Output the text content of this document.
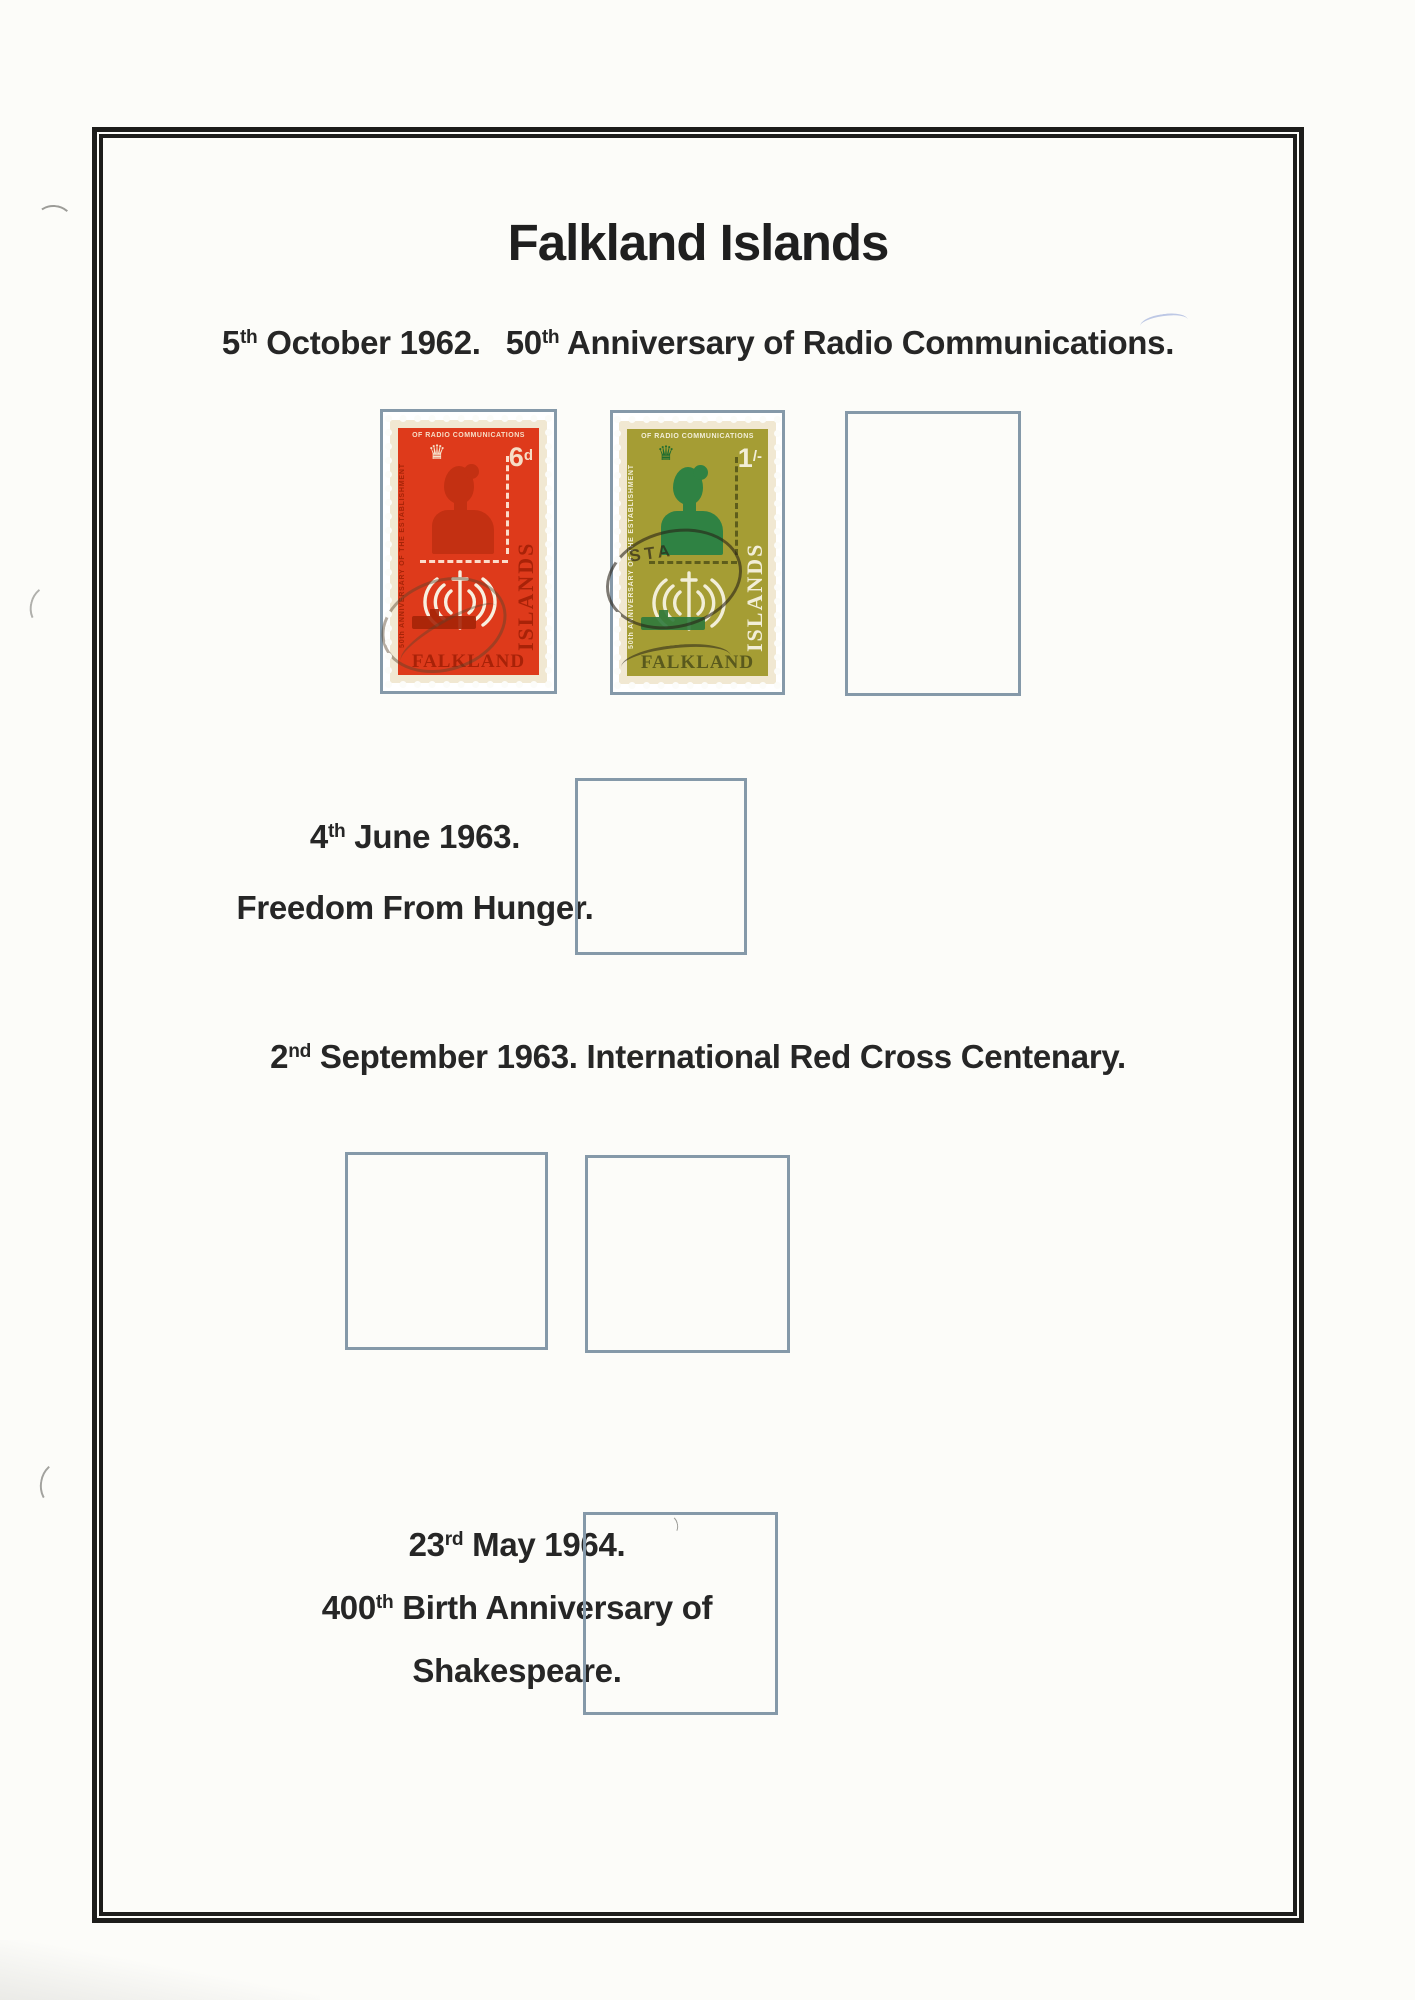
Falkland Islands
5th October 1962.  50th Anniversary of Radio Communications.
OF RADIO COMMUNICATIONS
50th ANNIVERSARY OF THE ESTABLISHMENT
♛ 6d
ISLANDS
FALKLAND
OF RADIO COMMUNICATIONS
50th ANNIVERSARY OF THE ESTABLISHMENT
♛ 1/-
ISLANDS
FALKLAND
STA
4th June 1963.
Freedom From Hunger.
2nd September 1963. International Red Cross Centenary.
23rd May 1964.
400th Birth Anniversary of
Shakespeare.
